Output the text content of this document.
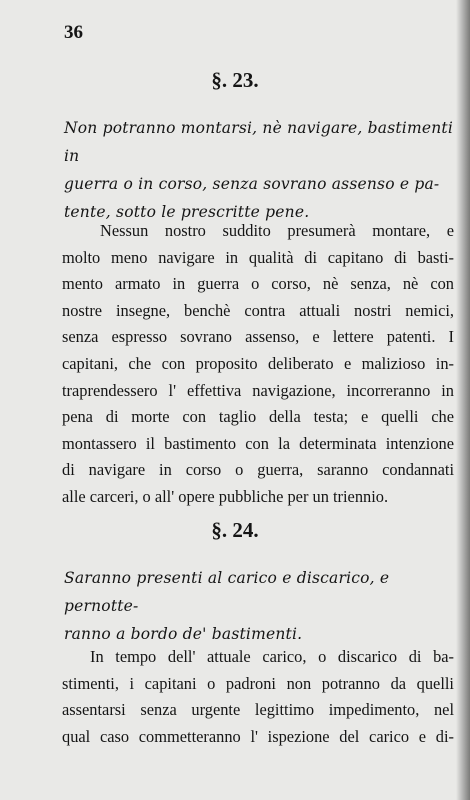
36
§. 23.
Non potranno montarsi, nè navigare, bastimenti in
guerra o in corso, senza sovrano assenso e pa-
tente, sotto le prescritte pene.
Nessun nostro suddito presumerà montare, e
molto meno navigare in qualità di capitano di basti-
mento armato in guerra o corso, nè senza, nè con
nostre insegne, benchè contra attuali nostri nemici,
senza espresso sovrano assenso, e lettere patenti. I
capitani, che con proposito deliberato e malizioso in-
traprendessero l' effettiva navigazione, incorreranno in
pena di morte con taglio della testa; e quelli che
montassero il bastimento con la determinata intenzione
di navigare in corso o guerra, saranno condannati
alle carceri, o all' opere pubbliche per un triennio.
§. 24.
Saranno presenti al carico e discarico, e pernotte-
ranno a bordo de' bastimenti.
In tempo dell' attuale carico, o discarico di ba-
stimenti, i capitani o padroni non potranno da quelli
assentarsi senza urgente legittimo impedimento, nel
qual caso commetteranno l' ispezione del carico e di-
